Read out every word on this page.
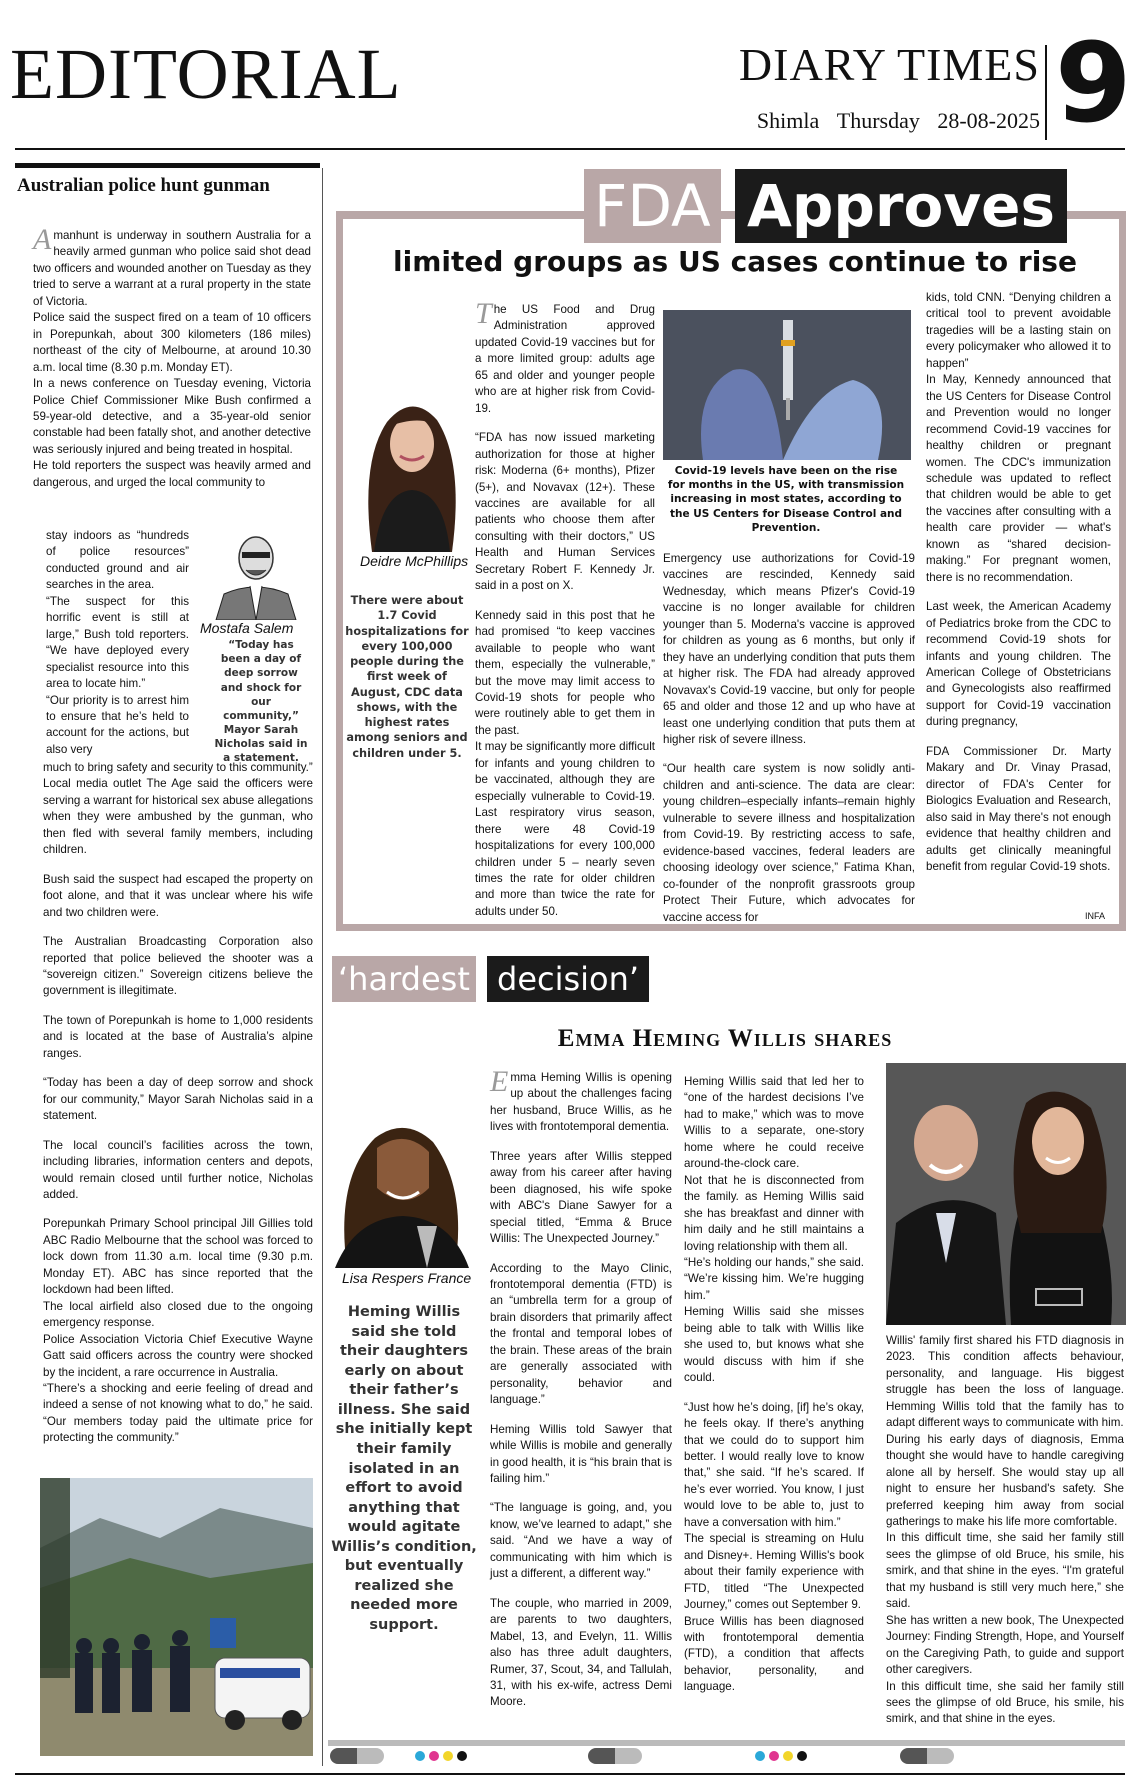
EDITORIAL	DIARY TIMES
Shimla Thursday 28-08-2025 9
Australian police hunt gunman

Amanhunt is underway in southern Australia for a heavily armed gunman who police said shot dead two officers and wounded another on Tuesday as they tried to serve a warrant at a rural property in the state of Victoria.

Police said the suspect fired on a team of 10 officers in Porepunkah, about 300 kilometers (186 miles) northeast of the city of Melbourne, at around 10.30 a.m. local time (8.30 p.m. Monday ET).

In a news conference on Tuesday evening, Victoria Police Chief Commissioner Mike Bush confirmed a 59-year-old detective, and a 35-year-old senior constable had been fatally shot, and another detective was seriously injured and being treated in hospital.

He told reporters the suspect was heavily armed and dangerous, and urged the local community to

stay indoors as “hundreds of police resources” conducted ground and air searches in the area.

“The suspect for this horrific event is still at large,” Bush told reporters. “We have deployed every specialist resource into this area to locate him.”

“Our priority is to arrest him to ensure that he’s held to account for the actions, but also very

Mostafa Salem
“Today has been a day of deep sorrow and shock for our community,” Mayor Sarah Nicholas said in a statement.

much to bring safety and security to this community.”

Local media outlet The Age said the officers were serving a warrant for historical sex abuse allegations when they were ambushed by the gunman, who then fled with several family members, including children.

Bush said the suspect had escaped the property on foot alone, and that it was unclear where his wife and two children were.

The Australian Broadcasting Corporation also reported that police believed the shooter was a “sovereign citizen.” Sovereign citizens believe the government is illegitimate.

The town of Porepunkah is home to 1,000 residents and is located at the base of Australia’s alpine ranges.

“Today has been a day of deep sorrow and shock for our community,” Mayor Sarah Nicholas said in a statement.

The local council’s facilities across the town, including libraries, information centers and depots, would remain closed until further notice, Nicholas added.

Porepunkah Primary School principal Jill Gillies told ABC Radio Melbourne that the school was forced to lock down from 11.30 a.m. local time (9.30 p.m. Monday ET). ABC has since reported that the lockdown had been lifted.

The local airfield also closed due to the ongoing emergency response.

Police Association Victoria Chief Executive Wayne Gatt said officers across the country were shocked by the incident, a rare occurrence in Australia.

“There’s a shocking and eerie feeling of dread and indeed a sense of not knowing what to do,” he said. “Our members today paid the ultimate price for protecting the community.”

FDA Approves
limited groups as US cases continue to rise
Deidre McPhillips
There were about 1.7 Covid hospitalizations for every 100,000 people during the first week of August, CDC data shows, with the highest rates among seniors and children under 5.

The US Food and Drug Administration approved updated Covid-19 vaccines but for a more limited group: adults age 65 and older and younger people who are at higher risk from Covid-19.

“FDA has now issued marketing authorization for those at higher risk: Moderna (6+ months), Pfizer (5+), and Novavax (12+). These vaccines are available for all patients who choose them after consulting with their doctors,” US Health and Human Services Secretary Robert F. Kennedy Jr. said in a post on X.

Kennedy said in this post that he had promised “to keep vaccines available to people who want them, especially the vulnerable,” but the move may limit access to Covid-19 shots for people who were routinely able to get them in the past.

It may be significantly more difficult for infants and young children to be vaccinated, although they are especially vulnerable to Covid-19. Last respiratory virus season, there were 48 Covid-19 hospitalizations for every 100,000 children under 5 – nearly seven times the rate for older children and more than twice the rate for adults under 50.

Covid-19 levels have been on the rise for months in the US, with transmission increasing in most states, according to the US Centers for Disease Control and Prevention.

Emergency use authorizations for Covid-19 vaccines are rescinded, Kennedy said Wednesday, which means Pfizer's Covid-19 vaccine is no longer available for children younger than 5. Moderna's vaccine is approved for children as young as 6 months, but only if they have an underlying condition that puts them at higher risk. The FDA had already approved Novavax's Covid-19 vaccine, but only for people 65 and older and those 12 and up who have at least one underlying condition that puts them at higher risk of severe illness.

“Our health care system is now solidly anti-children and anti-science. The data are clear: young children–especially infants–remain highly vulnerable to severe illness and hospitalization from Covid-19. By restricting access to safe, evidence-based vaccines, federal leaders are choosing ideology over science,” Fatima Khan, co-founder of the nonprofit grassroots group Protect Their Future, which advocates for vaccine access for

kids, told CNN. “Denying children a critical tool to prevent avoidable tragedies will be a lasting stain on every policymaker who allowed it to happen”

In May, Kennedy announced that the US Centers for Disease Control and Prevention would no longer recommend Covid-19 vaccines for healthy children or pregnant women. The CDC's immunization schedule was updated to reflect that children would be able to get the vaccines after consulting with a health care provider — what's known as “shared decision-making.” For pregnant women, there is no recommendation.

Last week, the American Academy of Pediatrics broke from the CDC to recommend Covid-19 shots for infants and young children. The American College of Obstetricians and Gynecologists also reaffirmed support for Covid-19 vaccination during pregnancy,

FDA Commissioner Dr. Marty Makary and Dr. Vinay Prasad, director of FDA's Center for Biologics Evaluation and Research, also said in May there's not enough evidence that healthy children and adults get clinically meaningful benefit from regular Covid-19 shots.

INFA
‘hardest decision’
Emma Heming Willis shares
Lisa Respers France
Heming Willis said she told their daughters early on about their father’s illness. She said she initially kept their family isolated in an effort to avoid anything that would agitate Willis’s condition, but eventually realized she needed more support.

Emma Heming Willis is opening up about the challenges facing her husband, Bruce Willis, as he lives with frontotemporal dementia.

Three years after Willis stepped away from his career after having been diagnosed, his wife spoke with ABC's Diane Sawyer for a special titled, “Emma & Bruce Willis: The Unexpected Journey.”

According to the Mayo Clinic, frontotemporal dementia (FTD) is an “umbrella term for a group of brain disorders that primarily affect the frontal and temporal lobes of the brain. These areas of the brain are generally associated with personality, behavior and language.”

Heming Willis told Sawyer that while Willis is mobile and generally in good health, it is “his brain that is failing him.”

“The language is going, and, you know, we’ve learned to adapt,” she said. “And we have a way of communicating with him which is just a different, a different way.”

The couple, who married in 2009, are parents to two daughters, Mabel, 13, and Evelyn, 11. Willis also has three adult daughters, Rumer, 37, Scout, 34, and Tallulah, 31, with his ex-wife, actress Demi Moore.

Heming Willis said that led her to “one of the hardest decisions I’ve had to make,” which was to move Willis to a separate, one-story home where he could receive around-the-clock care.

Not that he is disconnected from the family. as Heming Willis said she has breakfast and dinner with him daily and he still maintains a loving relationship with them all.

“He’s holding our hands,” she said. “We’re kissing him. We’re hugging him.”

Heming Willis said she misses being able to talk with Willis like she used to, but knows what she would discuss with him if she could.

“Just how he’s doing, [if] he’s okay, he feels okay. If there’s anything that we could do to support him better. I would really love to know that,” she said. “If he’s scared. If he’s ever worried. You know, I just would love to be able to, just to have a conversation with him.”

The special is streaming on Hulu and Disney+. Heming Willis's book about their family experience with FTD, titled “The Unexpected Journey,” comes out September 9.

Bruce Willis has been diagnosed with frontotemporal dementia (FTD), a condition that affects behavior, personality, and language.

Willis' family first shared his FTD diagnosis in 2023. This condition affects behaviour, personality, and language. His biggest struggle has been the loss of language. Hemming Willis told that the family has to adapt different ways to communicate with him.

During his early days of diagnosis, Emma thought she would have to handle caregiving alone all by herself. She would stay up all night to ensure her husband's safety. She preferred keeping him away from social gatherings to make his life more comfortable.

In this difficult time, she said her family still sees the glimpse of old Bruce, his smile, his smirk, and that shine in the eyes. “I'm grateful that my husband is still very much here,” she said.

She has written a new book, The Unexpected Journey: Finding Strength, Hope, and Yourself on the Caregiving Path, to guide and support other caregivers.

In this difficult time, she said her family still sees the glimpse of old Bruce, his smile, his smirk, and that shine in the eyes.
